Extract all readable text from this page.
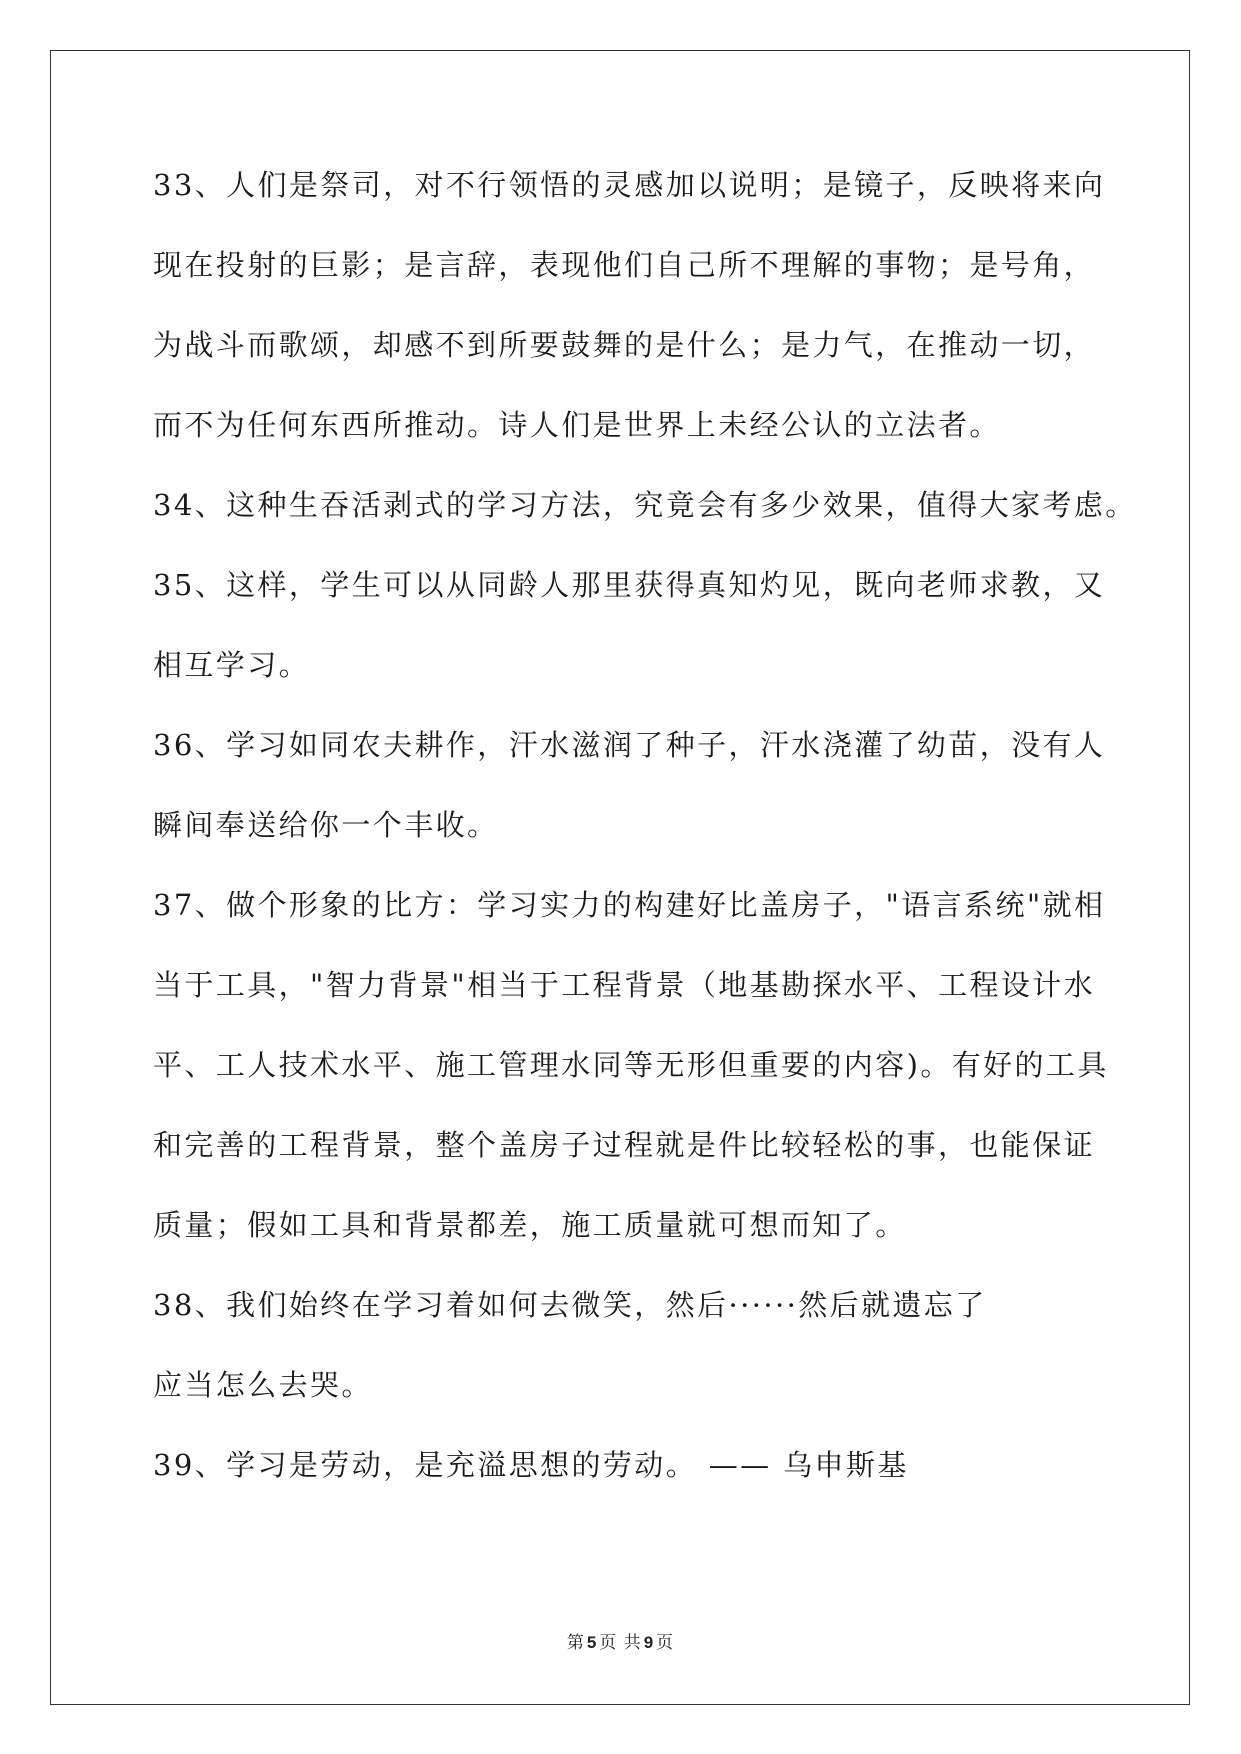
33、人们是祭司，对不行领悟的灵感加以说明；是镜子，反映将来向
现在投射的巨影；是言辞，表现他们自己所不理解的事物；是号角，
为战斗而歌颂，却感不到所要鼓舞的是什么；是力气，在推动一切，
而不为任何东西所推动。诗人们是世界上未经公认的立法者。
34、这种生吞活剥式的学习方法，究竟会有多少效果，值得大家考虑。
35、这样，学生可以从同龄人那里获得真知灼见，既向老师求教，又
相互学习。
36、学习如同农夫耕作，汗水滋润了种子，汗水浇灌了幼苗，没有人
瞬间奉送给你一个丰收。
37、做个形象的比方：学习实力的构建好比盖房子，"语言系统"就相
当于工具，"智力背景"相当于工程背景（地基勘探水平、工程设计水
平、工人技术水平、施工管理水同等无形但重要的内容)。有好的工具
和完善的工程背景，整个盖房子过程就是件比较轻松的事，也能保证
质量；假如工具和背景都差，施工质量就可想而知了。
38、我们始终在学习着如何去微笑，然后······然后就遗忘了
应当怎么去哭。
39、学习是劳动，是充溢思想的劳动。 —— 乌申斯基
第 5 页 共 9 页
